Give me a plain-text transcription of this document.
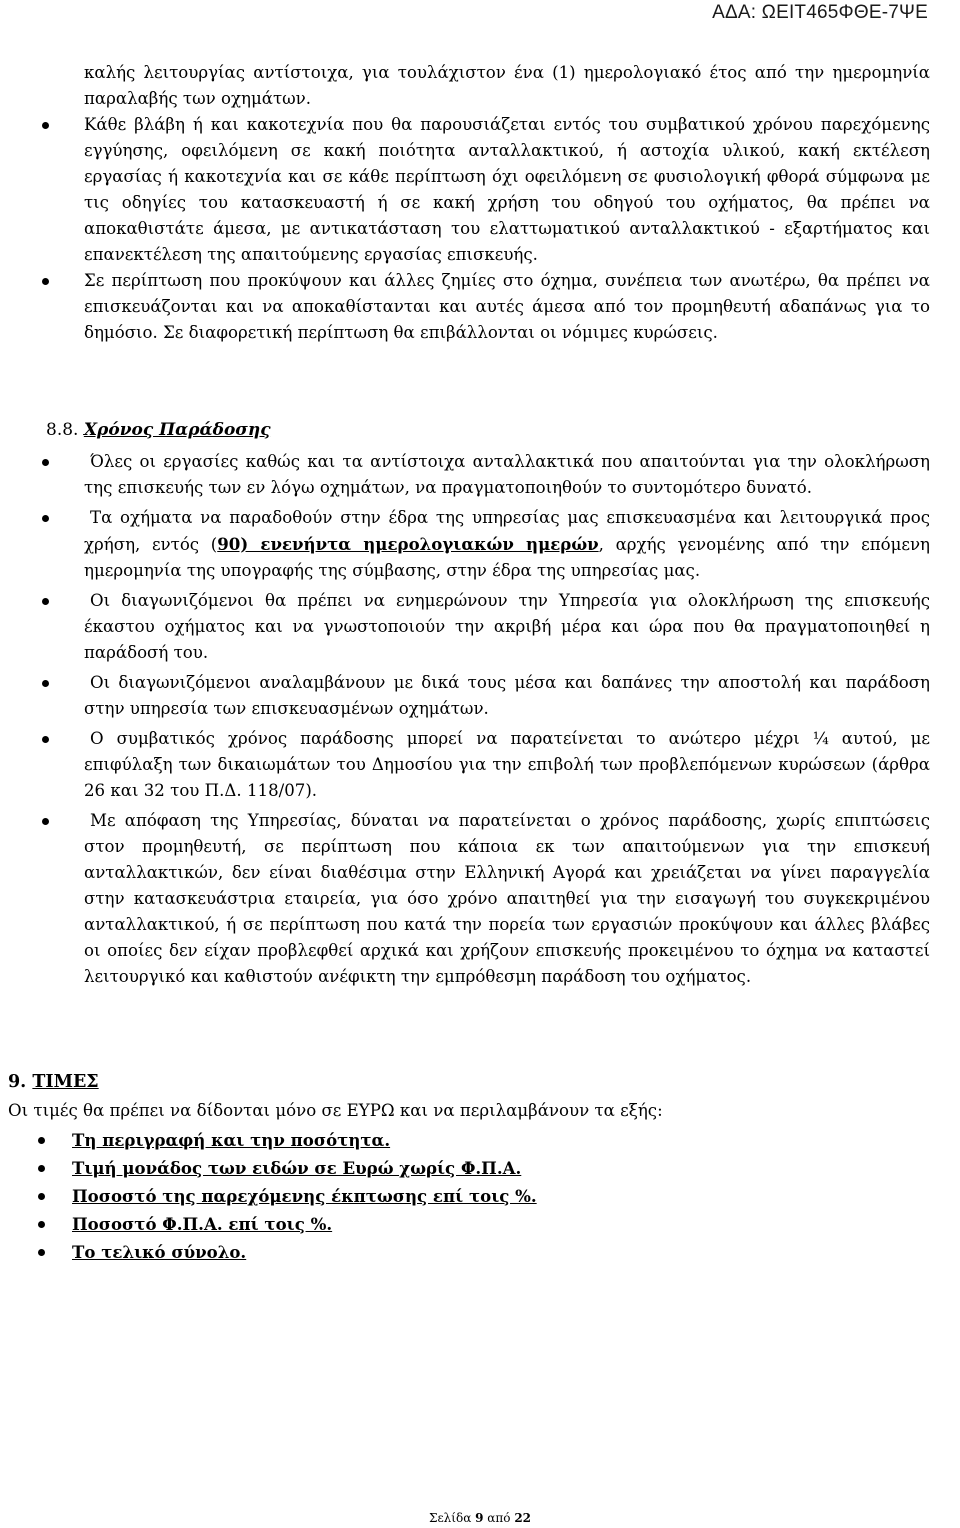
ΑΔΑ: ΩΕΙΤ465ΦΘΕ-7ΨΕ
καλής λειτουργίας αντίστοιχα, για τουλάχιστον ένα (1) ημερολογιακό έτος από την ημερομηνία παραλαβής των οχημάτων.
Κάθε βλάβη ή και κακοτεχνία που θα παρουσιάζεται εντός του συμβατικού χρόνου παρεχόμενης εγγύησης, οφειλόμενη σε κακή ποιότητα ανταλλακτικού, ή αστοχία υλικού, κακή εκτέλεση εργασίας ή κακοτεχνία και σε κάθε περίπτωση όχι οφειλόμενη σε φυσιολογική φθορά σύμφωνα με τις οδηγίες του κατασκευαστή ή σε κακή χρήση του οδηγού του οχήματος, θα πρέπει να αποκαθιστάτε άμεσα, με αντικατάσταση του ελαττωματικού ανταλλακτικού - εξαρτήματος και επανεκτέλεση της απαιτούμενης εργασίας επισκευής.
Σε περίπτωση που προκύψουν και άλλες ζημίες στο όχημα, συνέπεια των ανωτέρω, θα πρέπει να επισκευάζονται και να αποκαθίστανται και αυτές άμεσα από τον προμηθευτή αδαπάνως για το δημόσιο. Σε διαφορετική περίπτωση θα επιβάλλονται οι νόμιμες κυρώσεις.
8.8. Χρόνος Παράδοσης
Όλες οι εργασίες καθώς και τα αντίστοιχα ανταλλακτικά που απαιτούνται για την ολοκλήρωση της επισκευής των εν λόγω οχημάτων, να πραγματοποιηθούν το συντομότερο δυνατό.
Τα οχήματα να παραδοθούν στην έδρα της υπηρεσίας μας επισκευασμένα και λειτουργικά προς χρήση, εντός (90) ενενήντα ημερολογιακών ημερών, αρχής γενομένης από την επόμενη ημερομηνία της υπογραφής της σύμβασης, στην έδρα της υπηρεσίας μας.
Οι διαγωνιζόμενοι θα πρέπει να ενημερώνουν την Υπηρεσία για ολοκλήρωση της επισκευής έκαστου οχήματος και να γνωστοποιούν την ακριβή μέρα και ώρα που θα πραγματοποιηθεί η παράδοσή του.
Οι διαγωνιζόμενοι αναλαμβάνουν με δικά τους μέσα και δαπάνες την αποστολή και παράδοση στην υπηρεσία των επισκευασμένων οχημάτων.
Ο συμβατικός χρόνος παράδοσης μπορεί να παρατείνεται το ανώτερο μέχρι ¼ αυτού, με επιφύλαξη των δικαιωμάτων του Δημοσίου για την επιβολή των προβλεπόμενων κυρώσεων (άρθρα 26 και 32 του Π.Δ. 118/07).
Με απόφαση της Υπηρεσίας, δύναται να παρατείνεται ο χρόνος παράδοσης, χωρίς επιπτώσεις στον προμηθευτή, σε περίπτωση που κάποια εκ των απαιτούμενων για την επισκευή ανταλλακτικών, δεν είναι διαθέσιμα στην Ελληνική Αγορά και χρειάζεται να γίνει παραγγελία στην κατασκευάστρια εταιρεία, για όσο χρόνο απαιτηθεί για την εισαγωγή του συγκεκριμένου ανταλλακτικού, ή σε περίπτωση που κατά την πορεία των εργασιών προκύψουν και άλλες βλάβες οι οποίες δεν είχαν προβλεφθεί αρχικά και χρήζουν επισκευής προκειμένου το όχημα να καταστεί λειτουργικό και καθιστούν ανέφικτη την εμπρόθεσμη παράδοση του οχήματος.
9. ΤΙΜΕΣ
Οι τιμές θα πρέπει να δίδονται μόνο σε ΕΥΡΩ και να περιλαμβάνουν τα εξής:
Τη περιγραφή και την ποσότητα.
Τιμή μονάδος των ειδών σε Ευρώ χωρίς Φ.Π.Α.
Ποσοστό της παρεχόμενης έκπτωσης επί τοις %.
Ποσοστό Φ.Π.Α. επί τοις %.
Το τελικό σύνολο.
Σελίδα 9 από 22
